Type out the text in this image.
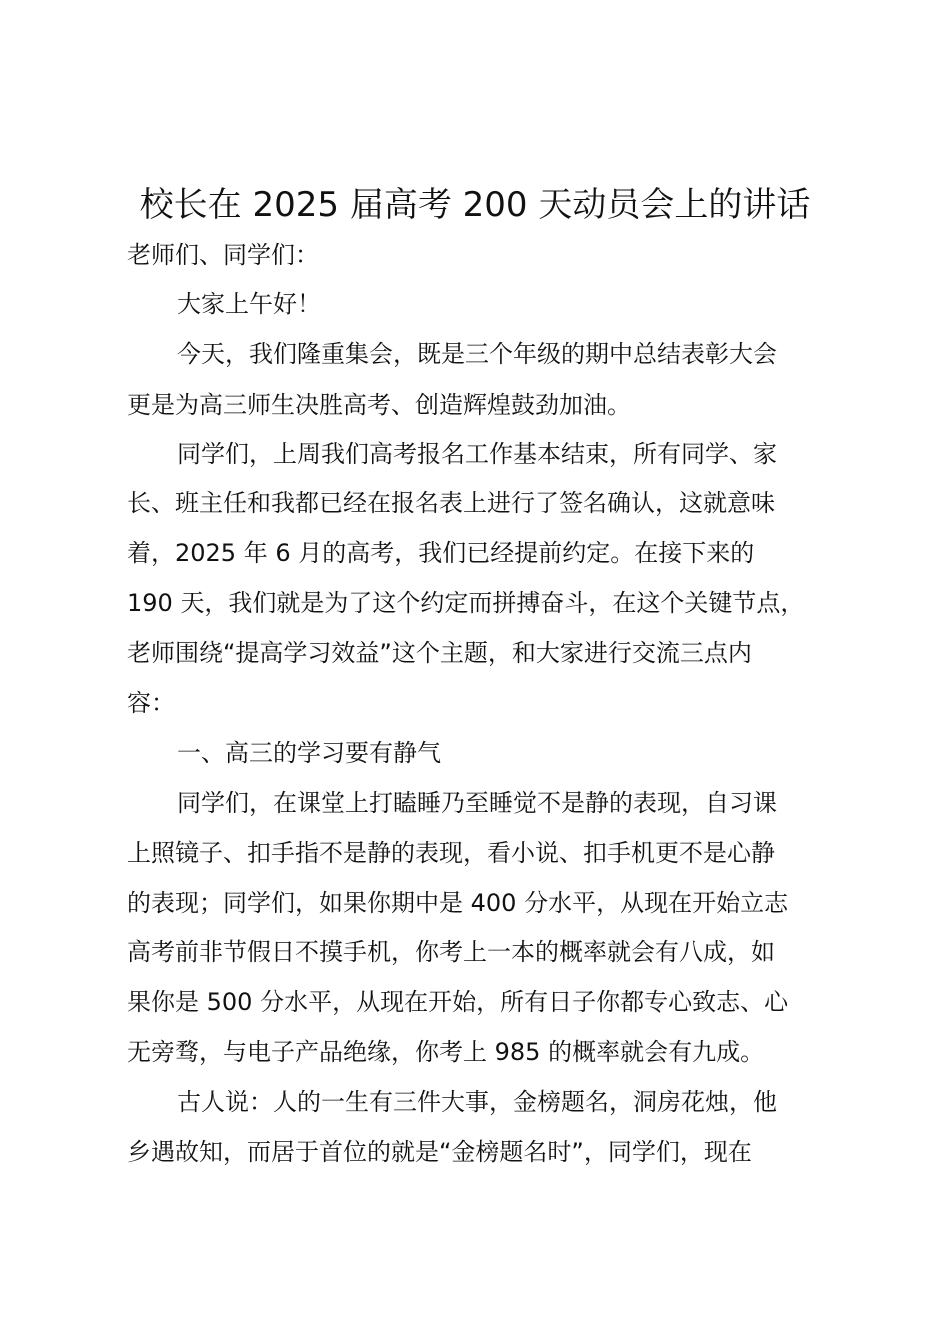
校长在 2025 届高考 200 天动员会上的讲话

老师们、同学们：

大家上午好！

今天，我们隆重集会，既是三个年级的期中总结表彰大会

更是为高三师生决胜高考、创造辉煌鼓劲加油。

同学们，上周我们高考报名工作基本结束，所有同学、家

长、班主任和我都已经在报名表上进行了签名确认，这就意味

着，2025 年 6 月的高考，我们已经提前约定。在接下来的

190 天，我们就是为了这个约定而拼搏奋斗，在这个关键节点，

老师围绕“提高学习效益”这个主题，和大家进行交流三点内

容：

一、高三的学习要有静气

同学们，在课堂上打瞌睡乃至睡觉不是静的表现，自习课

上照镜子、扣手指不是静的表现，看小说、扣手机更不是心静

的表现；同学们，如果你期中是 400 分水平，从现在开始立志

高考前非节假日不摸手机，你考上一本的概率就会有八成，如

果你是 500 分水平，从现在开始，所有日子你都专心致志、心

无旁骛，与电子产品绝缘，你考上 985 的概率就会有九成。

古人说：人的一生有三件大事，金榜题名，洞房花烛，他

乡遇故知，而居于首位的就是“金榜题名时”，同学们，现在
